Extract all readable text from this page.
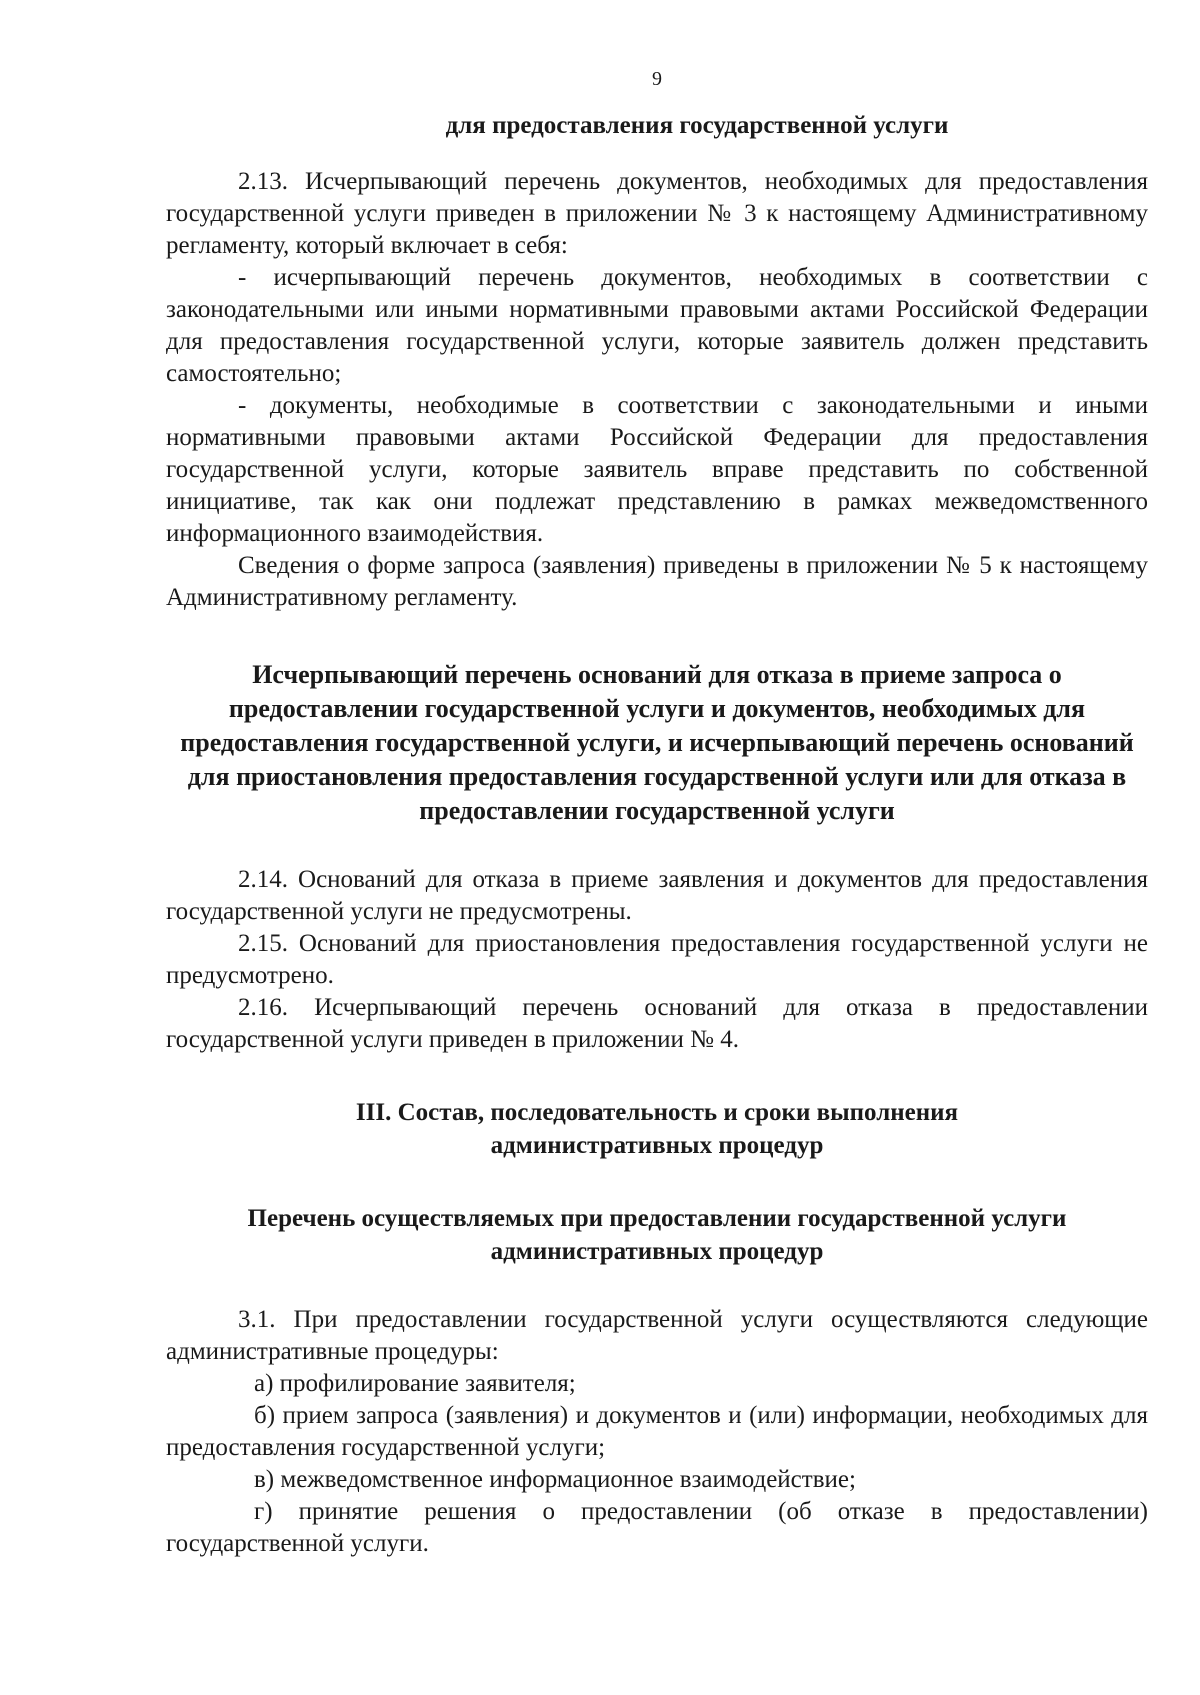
9
для предоставления государственной услуги

2.13. Исчерпывающий перечень документов, необходимых для предоставления государственной услуги приведен в приложении № 3 к настоящему Административному регламенту, который включает в себя:

- исчерпывающий перечень документов, необходимых в соответствии с законодательными или иными нормативными правовыми актами Российской Федерации для предоставления государственной услуги, которые заявитель должен представить самостоятельно;

- документы, необходимые в соответствии с законодательными и иными нормативными правовыми актами Российской Федерации для предоставления государственной услуги, которые заявитель вправе представить по собственной инициативе, так как они подлежат представлению в рамках межведомственного информационного взаимодействия.

Сведения о форме запроса (заявления) приведены в приложении № 5 к настоящему Административному регламенту.

Исчерпывающий перечень оснований для отказа в приеме запроса о предоставлении государственной услуги и документов, необходимых для предоставления государственной услуги, и исчерпывающий перечень оснований для приостановления предоставления государственной услуги или для отказа в предоставлении государственной услуги

2.14. Оснований для отказа в приеме заявления и документов для предоставления государственной услуги не предусмотрены.

2.15. Оснований для приостановления предоставления государственной услуги не предусмотрено.

2.16. Исчерпывающий перечень оснований для отказа в предоставлении государственной услуги приведен в приложении № 4.

III. Состав, последовательность и сроки выполнения административных процедур
Перечень осуществляемых при предоставлении государственной услуги административных процедур

3.1. При предоставлении государственной услуги осуществляются следующие административные процедуры:

а) профилирование заявителя;

б) прием запроса (заявления) и документов и (или) информации, необходимых для предоставления государственной услуги;

в) межведомственное информационное взаимодействие;

г) принятие решения о предоставлении (об отказе в предоставлении) государственной услуги.
